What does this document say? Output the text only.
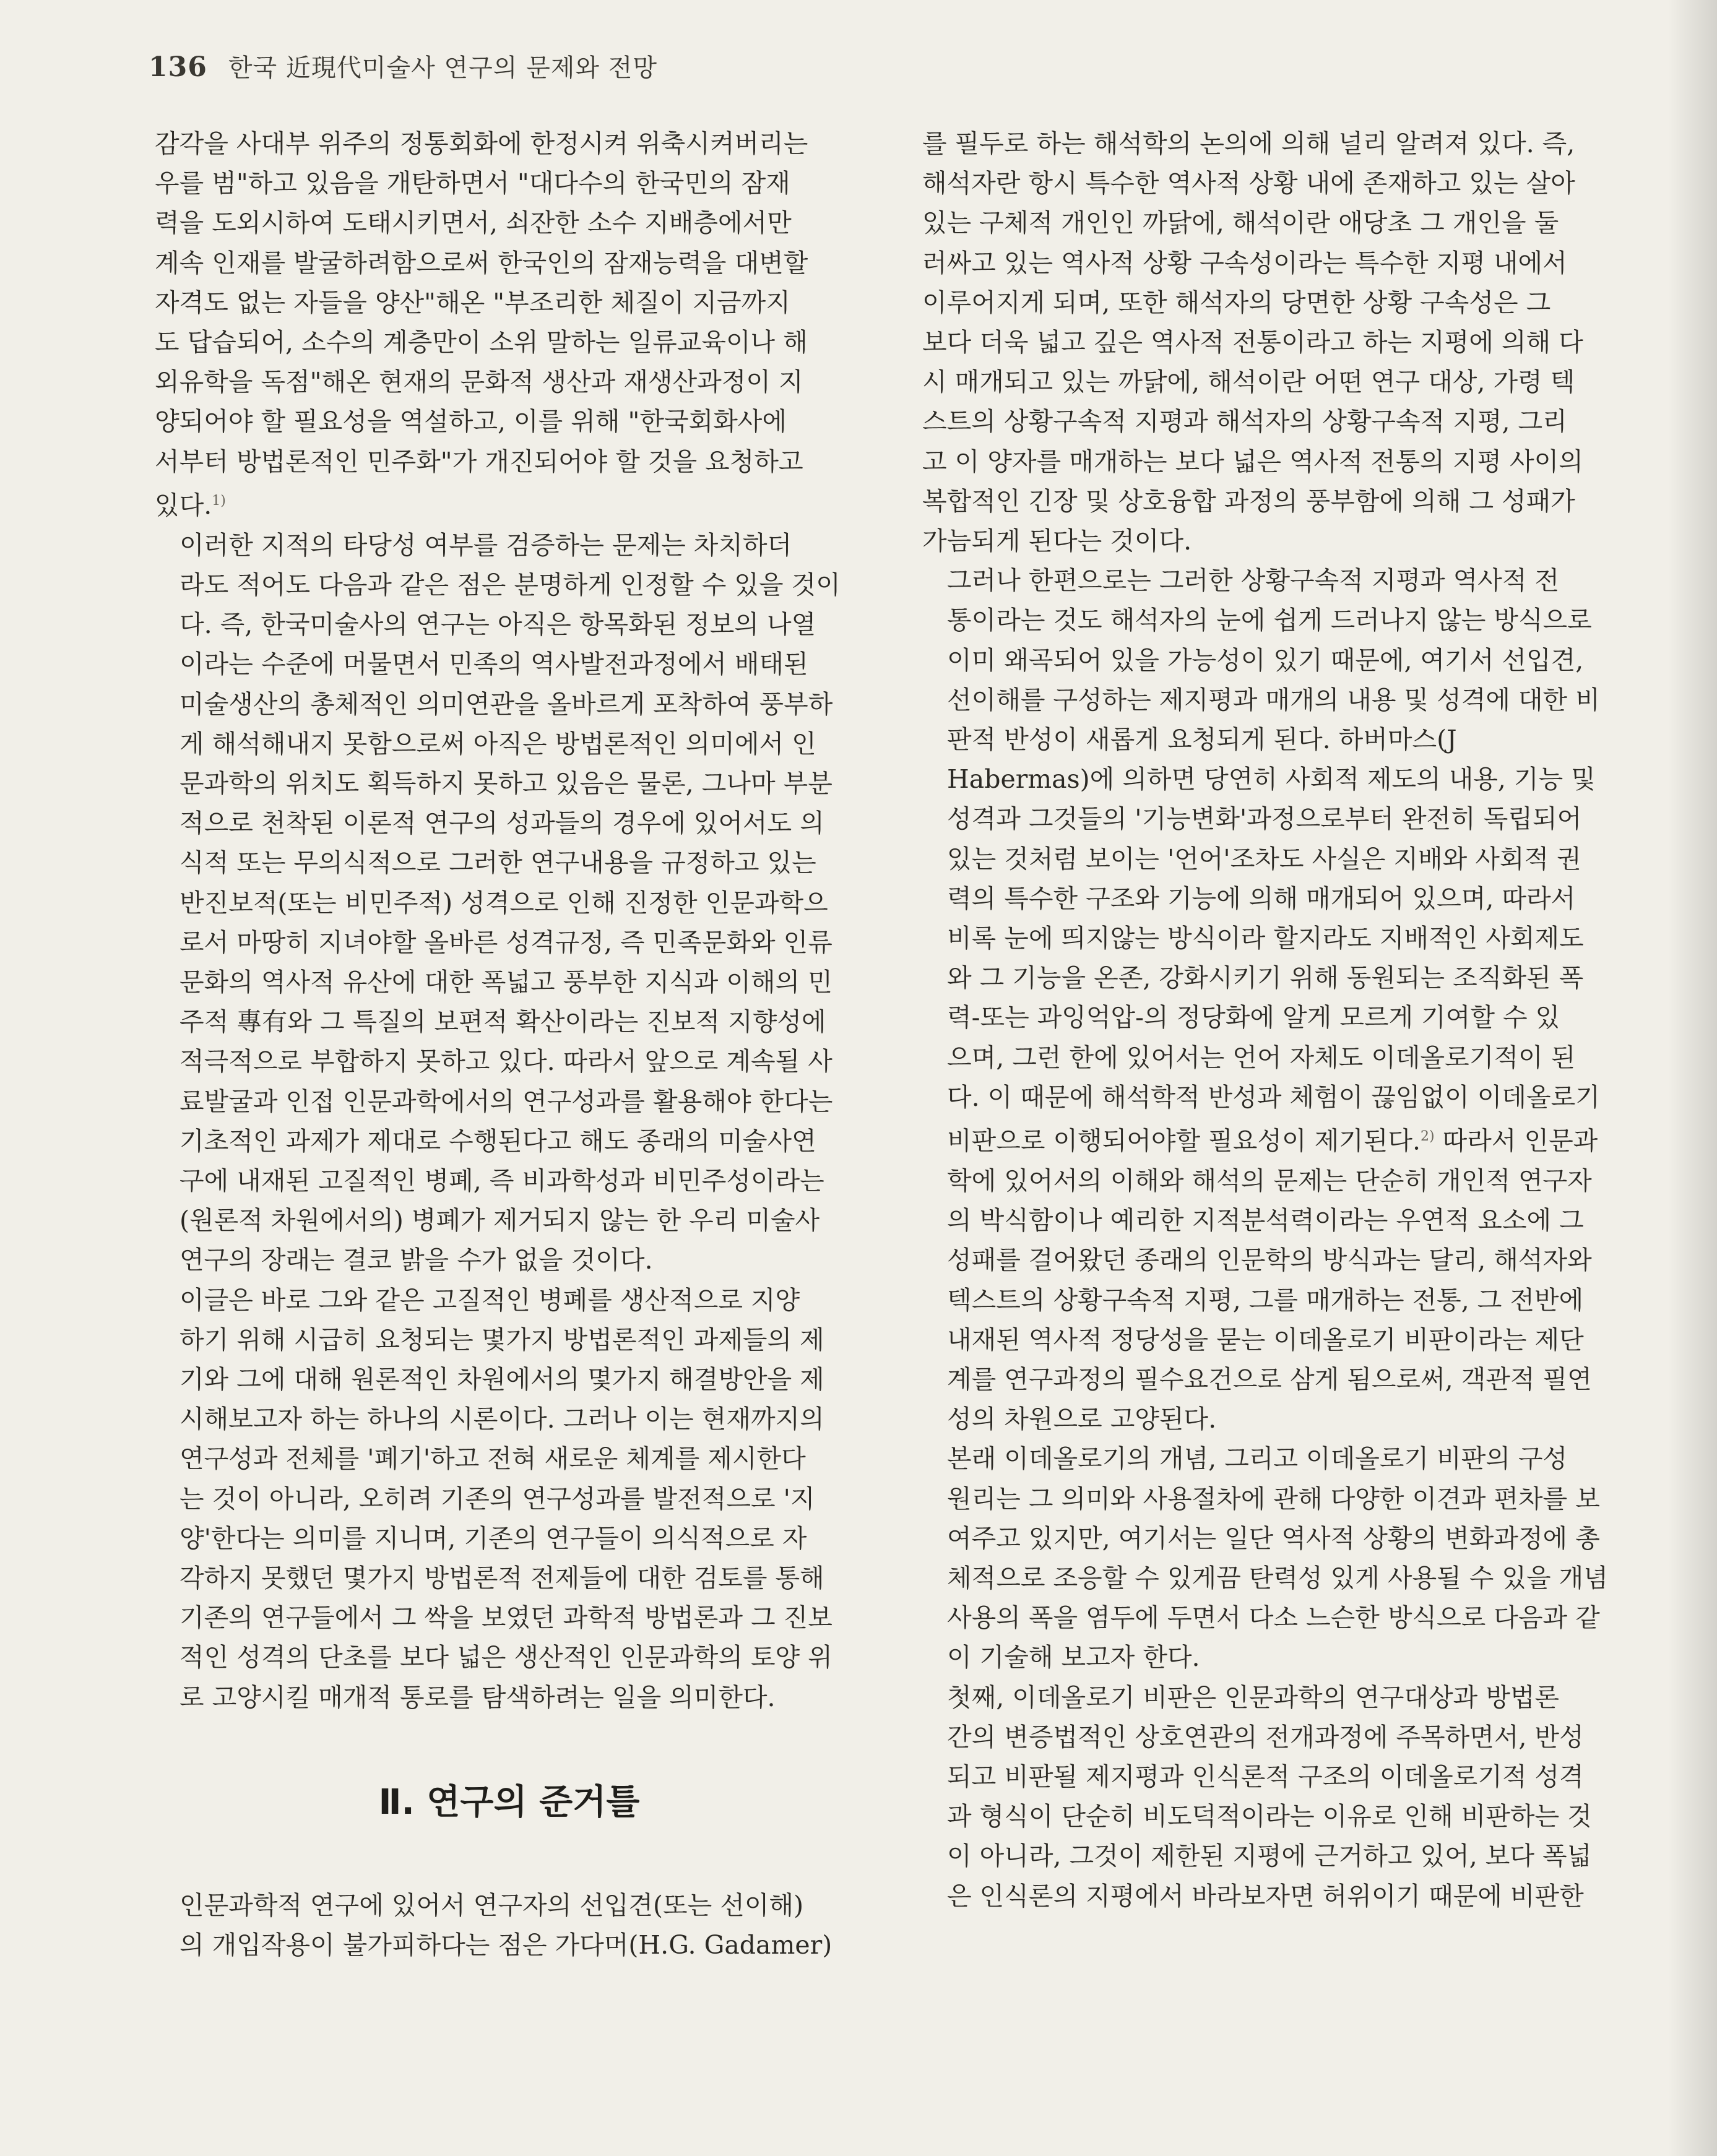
136 한국 近現代미술사 연구의 문제와 전망

감각을 사대부 위주의 정통회화에 한정시켜 위축시켜버리는
우를 범"하고 있음을 개탄하면서 "대다수의 한국민의 잠재
력을 도외시하여 도태시키면서, 쇠잔한 소수 지배층에서만
계속 인재를 발굴하려함으로써 한국인의 잠재능력을 대변할
자격도 없는 자들을 양산"해온 "부조리한 체질이 지금까지
도 답습되어, 소수의 계층만이 소위 말하는 일류교육이나 해
외유학을 독점"해온 현재의 문화적 생산과 재생산과정이 지
양되어야 할 필요성을 역설하고, 이를 위해 "한국회화사에
서부터 방법론적인 민주화"가 개진되어야 할 것을 요청하고
있다.$^{1)}$

이러한 지적의 타당성 여부를 검증하는 문제는 차치하더
라도 적어도 다음과 같은 점은 분명하게 인정할 수 있을 것이
다. 즉, 한국미술사의 연구는 아직은 항목화된 정보의 나열
이라는 수준에 머물면서 민족의 역사발전과정에서 배태된
미술생산의 총체적인 의미연관을 올바르게 포착하여 풍부하
게 해석해내지 못함으로써 아직은 방법론적인 의미에서 인
문과학의 위치도 획득하지 못하고 있음은 물론, 그나마 부분
적으로 천착된 이론적 연구의 성과들의 경우에 있어서도 의
식적 또는 무의식적으로 그러한 연구내용을 규정하고 있는
반진보적(또는 비민주적) 성격으로 인해 진정한 인문과학으
로서 마땅히 지녀야할 올바른 성격규정, 즉 민족문화와 인류
문화의 역사적 유산에 대한 폭넓고 풍부한 지식과 이해의 민
주적 專有와 그 특질의 보편적 확산이라는 진보적 지향성에
적극적으로 부합하지 못하고 있다. 따라서 앞으로 계속될 사
료발굴과 인접 인문과학에서의 연구성과를 활용해야 한다는
기초적인 과제가 제대로 수행된다고 해도 종래의 미술사연
구에 내재된 고질적인 병폐, 즉 비과학성과 비민주성이라는
(원론적 차원에서의) 병폐가 제거되지 않는 한 우리 미술사
연구의 장래는 결코 밝을 수가 없을 것이다.

이글은 바로 그와 같은 고질적인 병폐를 생산적으로 지양
하기 위해 시급히 요청되는 몇가지 방법론적인 과제들의 제
기와 그에 대해 원론적인 차원에서의 몇가지 해결방안을 제
시해보고자 하는 하나의 시론이다. 그러나 이는 현재까지의
연구성과 전체를 '폐기'하고 전혀 새로운 체계를 제시한다
는 것이 아니라, 오히려 기존의 연구성과를 발전적으로 '지
양'한다는 의미를 지니며, 기존의 연구들이 의식적으로 자
각하지 못했던 몇가지 방법론적 전제들에 대한 검토를 통해
기존의 연구들에서 그 싹을 보였던 과학적 방법론과 그 진보
적인 성격의 단초를 보다 넓은 생산적인 인문과학의 토양 위
로 고양시킬 매개적 통로를 탐색하려는 일을 의미한다.

Ⅱ. 연구의 준거틀

인문과학적 연구에 있어서 연구자의 선입견(또는 선이해)
의 개입작용이 불가피하다는 점은 가다머(H.G. Gadamer)

를 필두로 하는 해석학의 논의에 의해 널리 알려져 있다. 즉,
해석자란 항시 특수한 역사적 상황 내에 존재하고 있는 살아
있는 구체적 개인인 까닭에, 해석이란 애당초 그 개인을 둘
러싸고 있는 역사적 상황 구속성이라는 특수한 지평 내에서
이루어지게 되며, 또한 해석자의 당면한 상황 구속성은 그
보다 더욱 넓고 깊은 역사적 전통이라고 하는 지평에 의해 다
시 매개되고 있는 까닭에, 해석이란 어떤 연구 대상, 가령 텍
스트의 상황구속적 지평과 해석자의 상황구속적 지평, 그리
고 이 양자를 매개하는 보다 넓은 역사적 전통의 지평 사이의
복합적인 긴장 및 상호융합 과정의 풍부함에 의해 그 성패가
가늠되게 된다는 것이다.

그러나 한편으로는 그러한 상황구속적 지평과 역사적 전
통이라는 것도 해석자의 눈에 쉽게 드러나지 않는 방식으로
이미 왜곡되어 있을 가능성이 있기 때문에, 여기서 선입견,
선이해를 구성하는 제지평과 매개의 내용 및 성격에 대한 비
판적 반성이 새롭게 요청되게 된다. 하버마스(J
Habermas)에 의하면 당연히 사회적 제도의 내용, 기능 및
성격과 그것들의 '기능변화'과정으로부터 완전히 독립되어
있는 것처럼 보이는 '언어'조차도 사실은 지배와 사회적 권
력의 특수한 구조와 기능에 의해 매개되어 있으며, 따라서
비록 눈에 띄지않는 방식이라 할지라도 지배적인 사회제도
와 그 기능을 온존, 강화시키기 위해 동원되는 조직화된 폭
력-또는 과잉억압-의 정당화에 알게 모르게 기여할 수 있
으며, 그런 한에 있어서는 언어 자체도 이데올로기적이 된
다. 이 때문에 해석학적 반성과 체험이 끊임없이 이데올로기
비판으로 이행되어야할 필요성이 제기된다.$^{2)}$ 따라서 인문과
학에 있어서의 이해와 해석의 문제는 단순히 개인적 연구자
의 박식함이나 예리한 지적분석력이라는 우연적 요소에 그
성패를 걸어왔던 종래의 인문학의 방식과는 달리, 해석자와
텍스트의 상황구속적 지평, 그를 매개하는 전통, 그 전반에
내재된 역사적 정당성을 묻는 이데올로기 비판이라는 제단
계를 연구과정의 필수요건으로 삼게 됨으로써, 객관적 필연
성의 차원으로 고양된다.

본래 이데올로기의 개념, 그리고 이데올로기 비판의 구성
원리는 그 의미와 사용절차에 관해 다양한 이견과 편차를 보
여주고 있지만, 여기서는 일단 역사적 상황의 변화과정에 총
체적으로 조응할 수 있게끔 탄력성 있게 사용될 수 있을 개념
사용의 폭을 염두에 두면서 다소 느슨한 방식으로 다음과 같
이 기술해 보고자 한다.

첫째, 이데올로기 비판은 인문과학의 연구대상과 방법론
간의 변증법적인 상호연관의 전개과정에 주목하면서, 반성
되고 비판될 제지평과 인식론적 구조의 이데올로기적 성격
과 형식이 단순히 비도덕적이라는 이유로 인해 비판하는 것
이 아니라, 그것이 제한된 지평에 근거하고 있어, 보다 폭넓
은 인식론의 지평에서 바라보자면 허위이기 때문에 비판한
